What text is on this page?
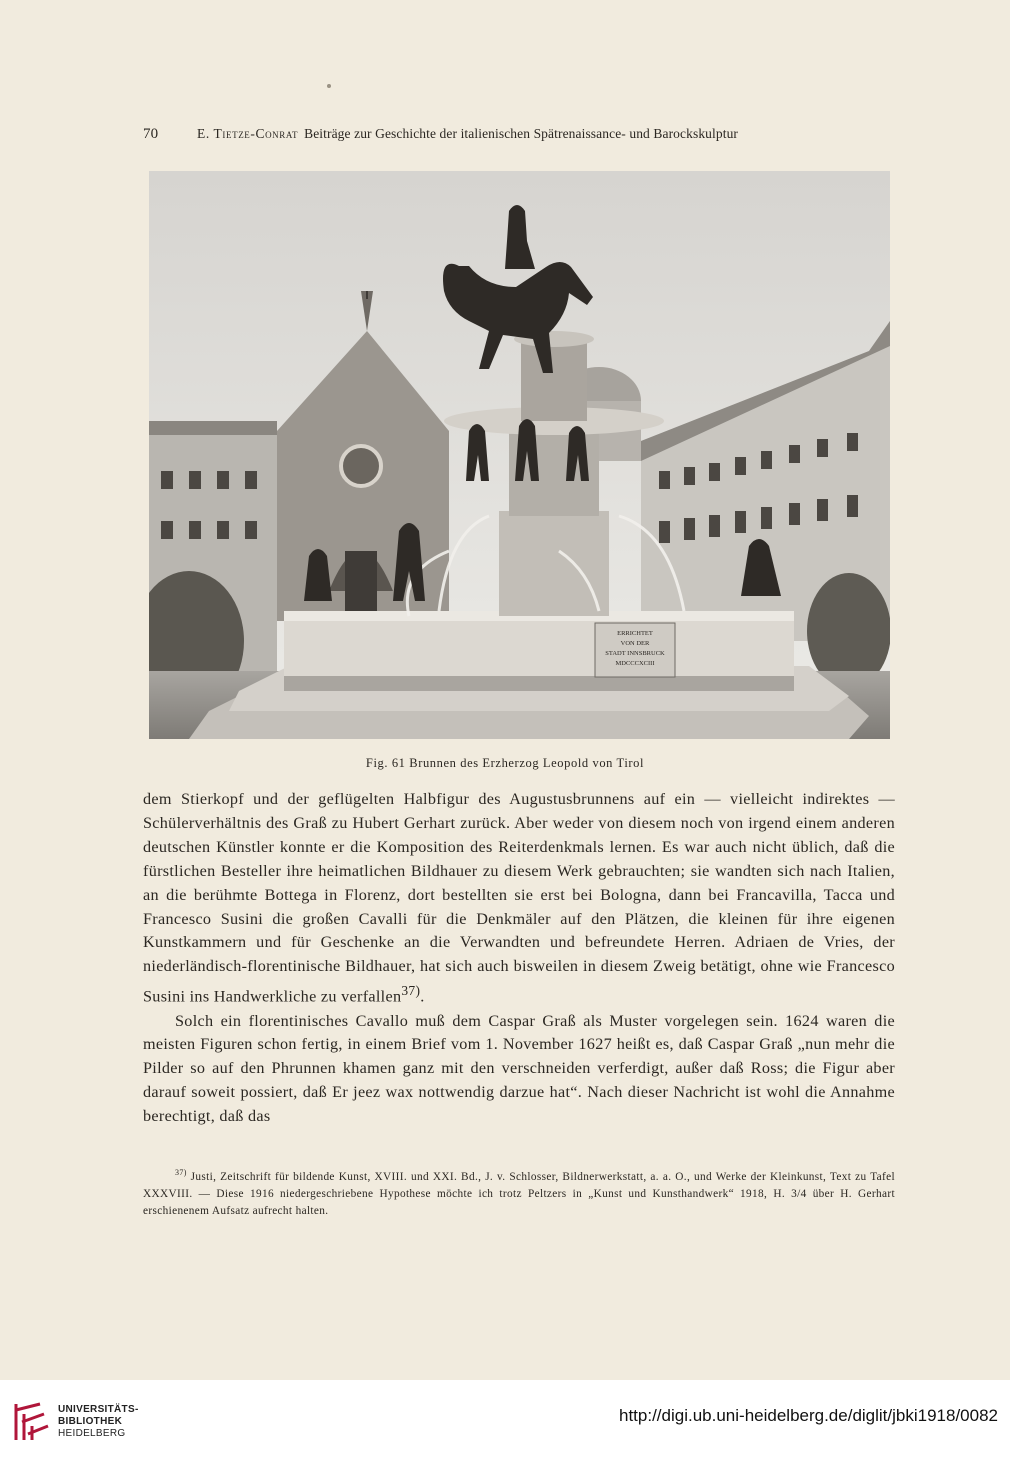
70	E. Tietze-Conrat Beiträge zur Geschichte der italienischen Spätrenaissance- und Barockskulptur
ERRICHTET
VON DER
STADT INNSBRUCK
MDCCCXCIII
Fig. 61 Brunnen des Erzherzog Leopold von Tirol

dem Stierkopf und der geflügelten Halbfigur des Augustusbrunnens auf ein — vielleicht indirektes — Schülerverhältnis des Graß zu Hubert Gerhart zurück. Aber weder von diesem noch von irgend einem anderen deutschen Künstler konnte er die Komposition des Reiterdenkmals lernen. Es war auch nicht üblich, daß die fürstlichen Besteller ihre heimatlichen Bildhauer zu diesem Werk gebrauchten; sie wandten sich nach Italien, an die berühmte Bottega in Florenz, dort bestellten sie erst bei Bologna, dann bei Francavilla, Tacca und Francesco Susini die großen Cavalli für die Denkmäler auf den Plätzen, die kleinen für ihre eigenen Kunstkammern und für Geschenke an die Verwandten und befreundete Herren. Adriaen de Vries, der niederländisch-florentinische Bildhauer, hat sich auch bisweilen in diesem Zweig betätigt, ohne wie Francesco Susini ins Handwerkliche zu verfallen$^{37)}$.

Solch ein florentinisches Cavallo muß dem Caspar Graß als Muster vorgelegen sein. 1624 waren die meisten Figuren schon fertig, in einem Brief vom 1. November 1627 heißt es, daß Caspar Graß „nun mehr die Pilder so auf den Phrunnen khamen ganz mit den verschneiden verferdigt, außer daß Ross; die Figur aber darauf soweit possiert, daß Er jeez wax nottwendig darzue hat“. Nach dieser Nachricht ist wohl die Annahme berechtigt, daß das

$^{37)}$ Justi, Zeitschrift für bildende Kunst, XVIII. und XXI. Bd., J. v. Schlosser, Bildnerwerkstatt, a. a. O., und Werke der Kleinkunst, Text zu Tafel XXXVIII. — Diese 1916 niedergeschriebene Hypothese möchte ich trotz Peltzers in „Kunst und Kunsthandwerk“ 1918, H. 3/4 über H. Gerhart erschienenem Aufsatz aufrecht halten.
UNIVERSITÄTS-
BIBLIOTHEK
HEIDELBERG
http://digi.ub.uni-heidelberg.de/diglit/jbki1918/0082
